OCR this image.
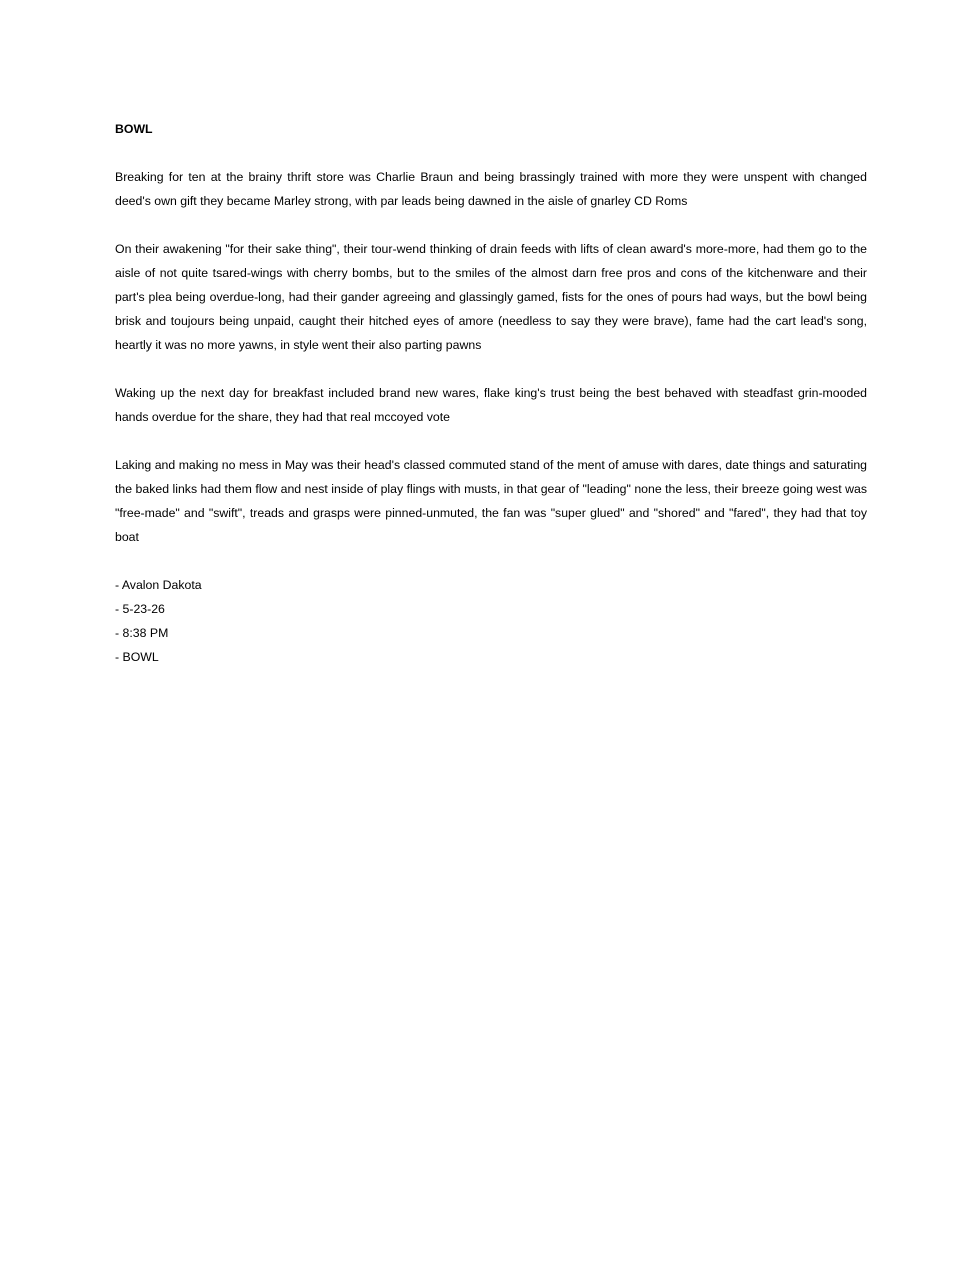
BOWL

Breaking for ten at the brainy thrift store was Charlie Braun and being brassingly trained with more they were unspent with changed deed's own gift they became Marley strong, with par leads being dawned in the aisle of gnarley CD Roms

On their awakening "for their sake thing", their tour-wend thinking of drain feeds with lifts of clean award's more-more, had them go to the aisle of not quite tsared-wings with cherry bombs, but to the smiles of the almost darn free pros and cons of the kitchenware and their part's plea being overdue-long, had their gander agreeing and glassingly gamed, fists for the ones of pours had ways, but the bowl being brisk and toujours being unpaid, caught their hitched eyes of amore (needless to say they were brave), fame had the cart lead's song, heartly it was no more yawns, in style went their also parting pawns

Waking up the next day for breakfast included brand new wares, flake king's trust being the best behaved with steadfast grin-mooded hands overdue for the share, they had that real mccoyed vote

Laking and making no mess in May was their head's classed commuted stand of the ment of amuse with dares, date things and saturating the baked links had them flow and nest inside of play flings with musts, in that gear of "leading" none the less, their breeze going west was "free-made" and "swift", treads and grasps were pinned-unmuted, the fan was "super glued" and "shored" and "fared", they had that toy boat

- Avalon Dakota

- 5-23-26

- 8:38 PM

- BOWL
